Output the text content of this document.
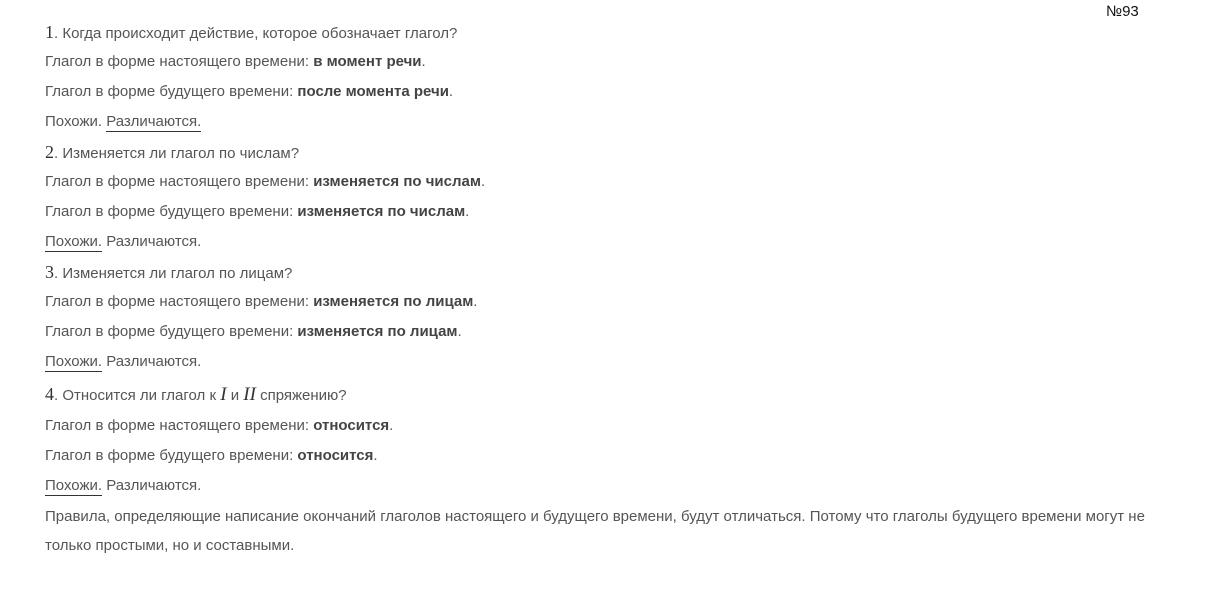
№93
1. Когда происходит действие, которое обозначает глагол?
Глагол в форме настоящего времени: в момент речи.
Глагол в форме будущего времени: после момента речи.
Похожи. Различаются.
2. Изменяется ли глагол по числам?
Глагол в форме настоящего времени: изменяется по числам.
Глагол в форме будущего времени: изменяется по числам.
Похожи. Различаются.
3. Изменяется ли глагол по лицам?
Глагол в форме настоящего времени: изменяется по лицам.
Глагол в форме будущего времени: изменяется по лицам.
Похожи. Различаются.
4. Относится ли глагол к I и II спряжению?
Глагол в форме настоящего времени: относится.
Глагол в форме будущего времени: относится.
Похожи. Различаются.

Правила, определяющие написание окончаний глаголов настоящего и будущего времени, будут отличаться. Потому что глаголы будущего времени могут не только простыми, но и составными.
